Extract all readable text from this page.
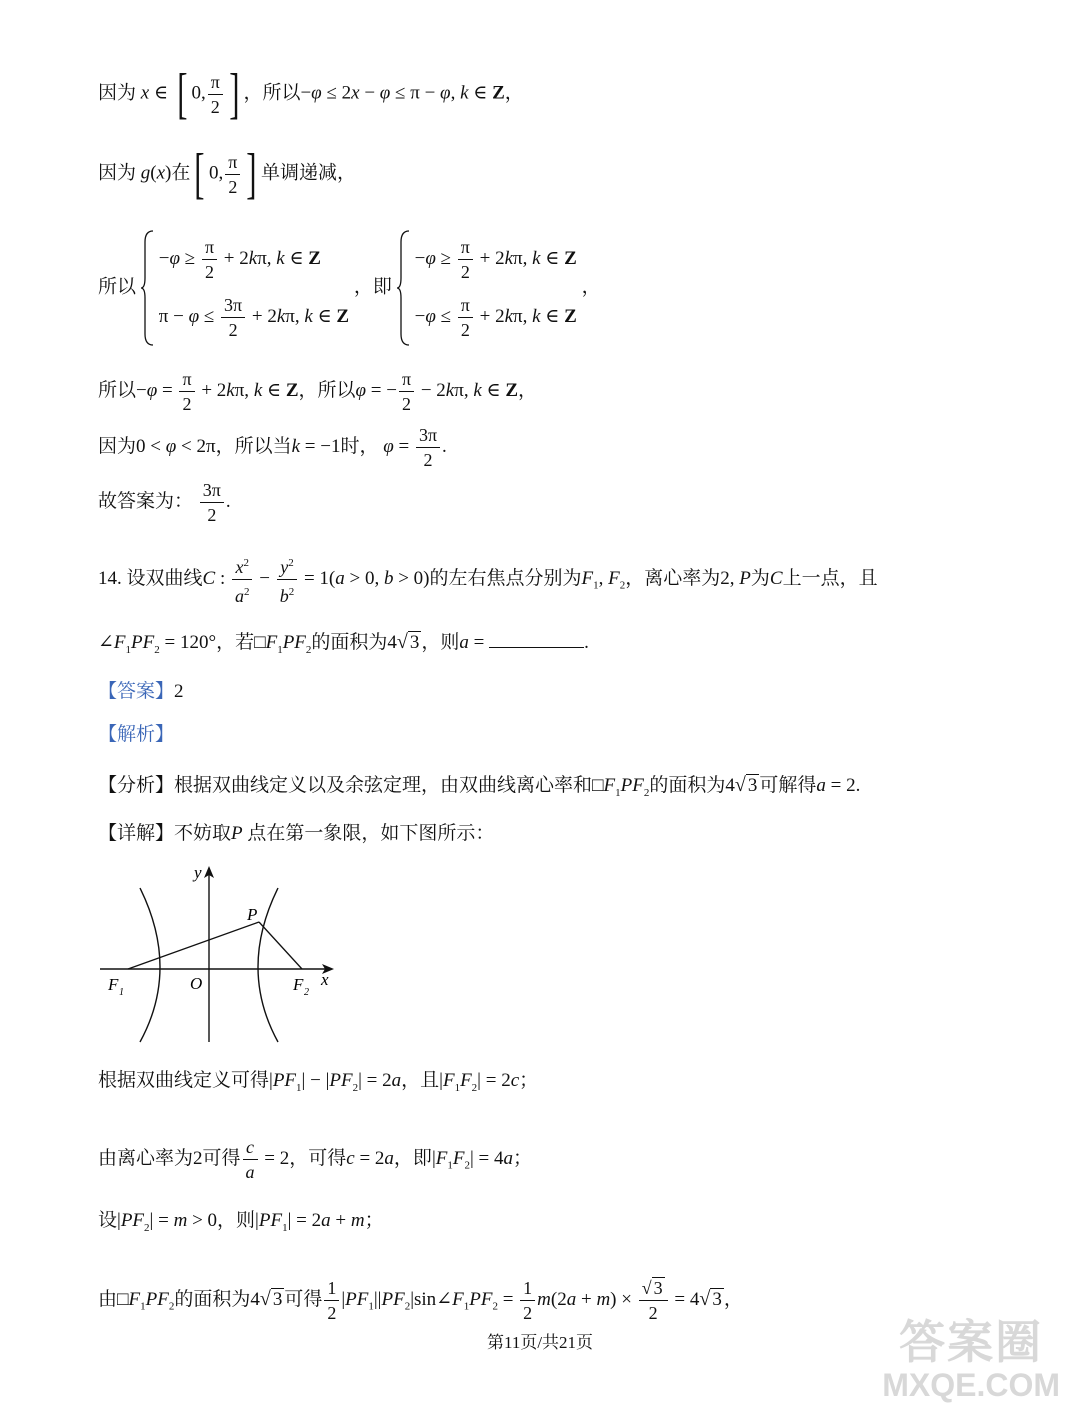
因为 x ∈ [ 0, $\frac{\pi}{2}$ ] ，所以−φ ≤ 2x − φ ≤ π − φ, k ∈ Z，
因为 g(x)在[ 0, $\frac{\pi}{2}$ ] 单调递减，
所以
$-\varphi \ge \frac{\pi}{2} + 2k\pi$, k ∈ Z
$\pi - \varphi \le \frac{3\pi}{2} + 2k\pi$, k ∈ Z
，即
$-\varphi \ge \frac{\pi}{2} + 2k\pi$, k ∈ Z
$-\varphi \le \frac{\pi}{2} + 2k\pi$, k ∈ Z
，
所以$-\varphi = \frac{\pi}{2} + 2k\pi$, k ∈ Z，所以φ = − $\frac{\pi}{2} - 2k\pi$, k ∈ Z，
因为0 < φ < 2π，所以当k = −1时， $\varphi = \frac{3\pi}{2}$ .
故答案为： $\frac{3\pi}{2}$ .
14. 设双曲线C : $\frac{x^2}{a^2} - \frac{y^2}{b^2} = 1(a > 0$, b > 0)的左右焦点分别为$F_1$, $F_2$，离心率为2, P为C上一点，且
$\angle F_1PF_2 = 120^\circ$，若$□F_1PF_2$的面积为4√ 3 ，则a =	.
【答案】2
【解析】
【分析】根据双曲线定义以及余弦定理，由双曲线离心率和$□F_1PF_2$的面积为4√ 3 可解得a = 2.
【详解】不妨取P 点在第一象限，如下图所示：
y
x
P
O
F 1	F 2
根据双曲线定义可得$|PF_1| - |PF_2| = 2a$，且$|F_1F_2| = 2c$；
由离心率为2可得 $\frac{c}{a} = 2$，可得c = 2a，即$|F_1F_2| = 4a$；
设$|PF_2| = m > 0$，则$|PF_1| = 2a + m$；
由$□F_1PF_2$的面积为4√ 3 可得 $\frac{1}{2}$ $|PF_1||PF_2|\sin\angle F_1PF_2 = \frac{1}{2} m(2a + m) \times \frac{√ 3}{2} = 4√$ 3 ，
第11页/共21页	答案圈
MXQE.COM
